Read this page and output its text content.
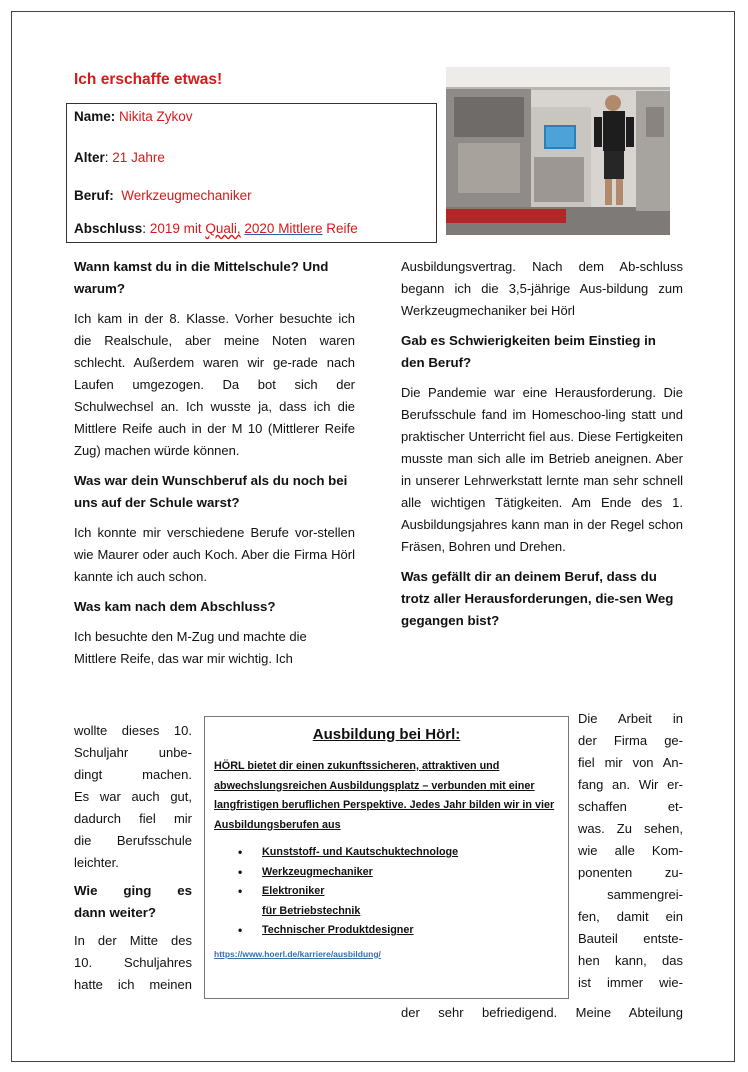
Ich erschaffe etwas!
Name: Nikita Zykov
Alter: 21 Jahre
Beruf: Werkzeugmechaniker
Abschluss: 2019 mit Quali, 2020 Mittlere Reife

Wann kamst du in die Mittelschule? Und warum?

Ich kam in der 8. Klasse. Vorher besuchte ich die Realschule, aber meine Noten waren schlecht. Außerdem waren wir ge-rade nach Laufen umgezogen. Da bot sich der Schulwechsel an. Ich wusste ja, dass ich die Mittlere Reife auch in der M 10 (Mittlerer Reife Zug) machen würde können.

Was war dein Wunschberuf als du noch bei uns auf der Schule warst?

Ich konnte mir verschiedene Berufe vor-stellen wie Maurer oder auch Koch. Aber die Firma Hörl kannte ich auch schon.

Was kam nach dem Abschluss?

Ich besuchte den M-Zug und machte die

Mittlere Reife, das war mir wichtig. Ich

wollte dieses 10.
Schuljahr unbe-
dingt machen.
Es war auch gut,
dadurch fiel mir
die Berufsschule
leichter.
Wie ging es
dann weiter?
In der Mitte des
10. Schuljahres
hatte ich meinen

Ausbildungsvertrag. Nach dem Ab-schluss begann ich die 3,5-jährige Aus-bildung zum Werkzeugmechaniker bei Hörl

Gab es Schwierigkeiten beim Einstieg in den Beruf?

Die Pandemie war eine Herausforderung. Die Berufsschule fand im Homeschoo-ling statt und praktischer Unterricht fiel aus. Diese Fertigkeiten musste man sich alle im Betrieb aneignen. Aber in unserer Lehrwerkstatt lernte man sehr schnell alle wichtigen Tätigkeiten. Am Ende des 1. Ausbildungsjahres kann man in der Regel schon Fräsen, Bohren und Drehen.

Was gefällt dir an deinem Beruf, dass du trotz aller Herausforderungen, die-sen Weg gegangen bist?

Die Arbeit in
der Firma ge-
fiel mir von An-
fang an. Wir er-
schaffen et-
was. Zu sehen,
wie alle Kom-
ponenten zu-
sammengrei-
fen, damit ein
Bauteil entste-
hen kann, das
ist immer wie-
der sehr befriedigend. Meine Abteilung
Ausbildung bei Hörl:
HÖRL bietet dir einen zukunftssicheren, attraktiven und abwechslungsreichen Ausbildungsplatz – verbunden mit einer langfristigen beruflichen Perspektive. Jedes Jahr bilden wir in vier Ausbildungsberufen aus
• Kunststoff- und Kautschuktechnologe
• Werkzeugmechaniker
• Elektroniker
für Betriebstechnik
• Technischer Produktdesigner
https://www.hoerl.de/karriere/ausbildung/
